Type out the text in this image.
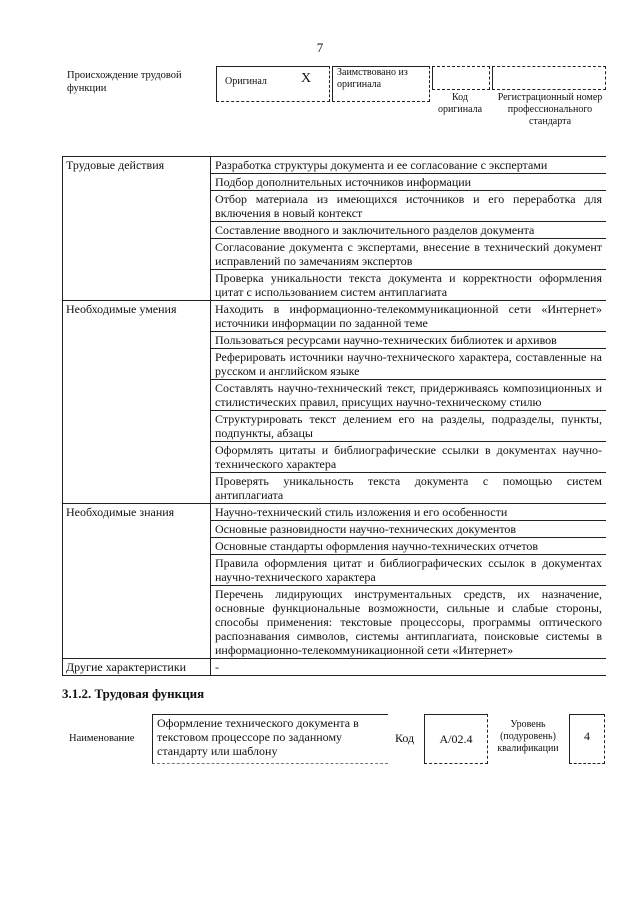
7
Происхождение трудовой функции
Оригинал X	Заимствовано из оригинала
Код оригинала
Регистрационный номер профессионального стандарта
Трудовые действия	Разработка структуры документа и ее согласование с экспертами
	Подбор дополнительных источников информации
	Отбор материала из имеющихся источников и его переработка для включения в новый контекст
	Составление вводного и заключительного разделов документа
	Согласование документа с экспертами, внесение в технический документ исправлений по замечаниям экспертов
	Проверка уникальности текста документа и корректности оформления цитат с использованием систем антиплагиата
Необходимые умения	Находить в информационно-телекоммуникационной сети «Интернет» источники информации по заданной теме
	Пользоваться ресурсами научно-технических библиотек и архивов
	Реферировать источники научно-технического характера, составленные на русском и английском языке
	Составлять научно-технический текст, придерживаясь композиционных и стилистических правил, присущих научно-техническому стилю
	Структурировать текст делением его на разделы, подразделы, пункты, подпункты, абзацы
	Оформлять цитаты и библиографические ссылки в документах научно-технического характера
	Проверять уникальность текста документа с помощью систем антиплагиата
Необходимые знания	Научно-технический стиль изложения и его особенности
	Основные разновидности научно-технических документов
	Основные стандарты оформления научно-технических отчетов
	Правила оформления цитат и библиографических ссылок в документах научно-технического характера
	Перечень лидирующих инструментальных средств, их назначение, основные функциональные возможности, сильные и слабые стороны, способы применения: текстовые процессоры, программы оптического распознавания символов, системы антиплагиата, поисковые системы в информационно-телекоммуникационной сети «Интернет»
Другие характеристики	-
3.1.2. Трудовая функция
Наименование
Оформление технического документа в текстовом процессоре по заданному стандарту или шаблону
Код	A/02.4
Уровень (подуровень) квалификации
4
